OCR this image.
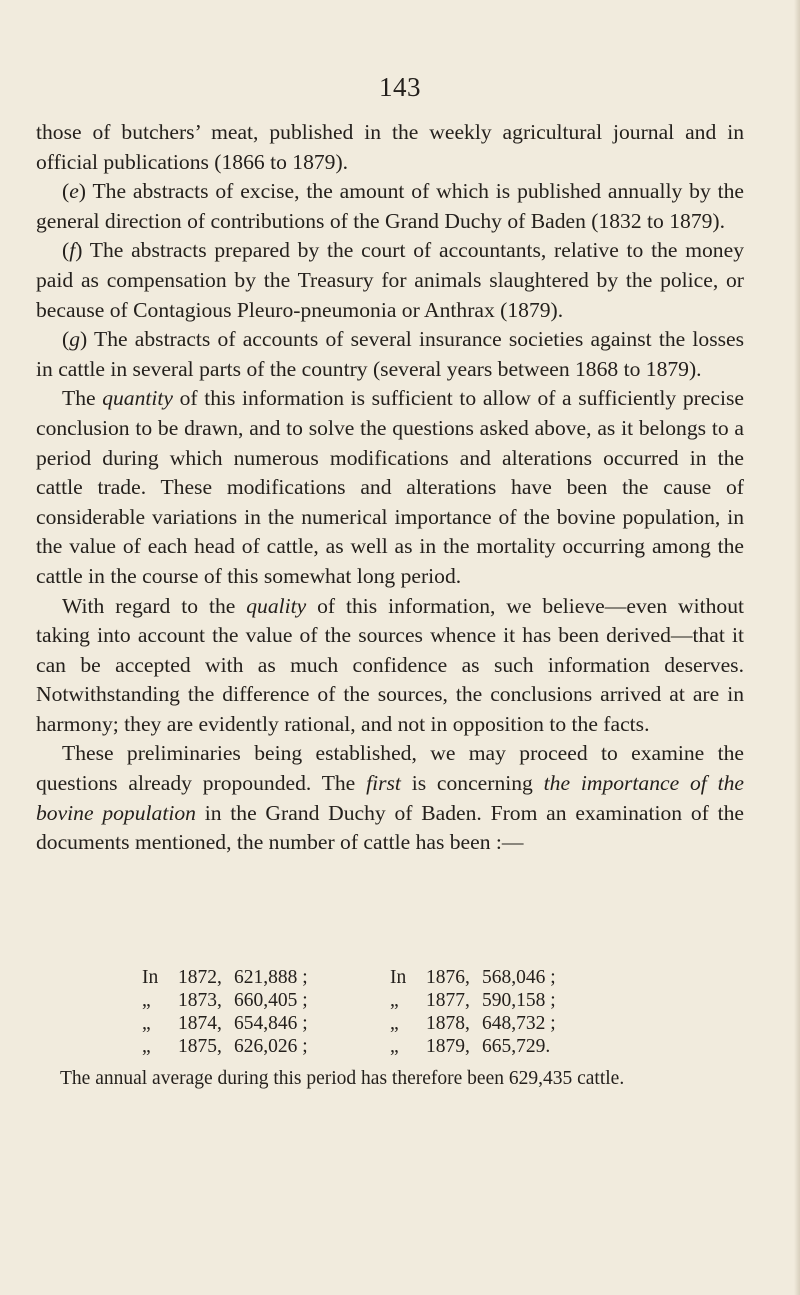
143

those of butchers’ meat, published in the weekly agricultural journal and in official publications (1866 to 1879).

(e) The abstracts of excise, the amount of which is published annually by the general direction of contributions of the Grand Duchy of Baden (1832 to 1879).

(f) The abstracts prepared by the court of accountants, relative to the money paid as compensation by the Treasury for animals slaughtered by the police, or because of Contagious Pleuro-pneumonia or Anthrax (1879).

(g) The abstracts of accounts of several insurance societies against the losses in cattle in several parts of the country (several years between 1868 to 1879).

The quantity of this information is sufficient to allow of a sufficiently precise conclusion to be drawn, and to solve the questions asked above, as it belongs to a period during which numerous modifications and alterations occurred in the cattle trade. These modifications and alterations have been the cause of considerable variations in the numerical importance of the bovine population, in the value of each head of cattle, as well as in the mortality occurring among the cattle in the course of this somewhat long period.

With regard to the quality of this information, we believe—even without taking into account the value of the sources whence it has been derived—that it can be accepted with as much confidence as such information deserves. Notwithstanding the difference of the sources, the conclusions arrived at are in harmony; they are evidently rational, and not in opposition to the facts.

These preliminaries being established, we may proceed to examine the questions already propounded. The first is concerning the importance of the bovine population in the Grand Duchy of Baden. From an examination of the documents mentioned, the number of cattle has been :—

In	1872, 621,888 ;	In	1876, 568,046 ;
„	1873, 660,405 ;	„	1877, 590,158 ;
„	1874, 654,846 ;	„	1878, 648,732 ;
„	1875, 626,026 ;	„	1879, 665,729.
The annual average during this period has therefore been 629,435 cattle.
